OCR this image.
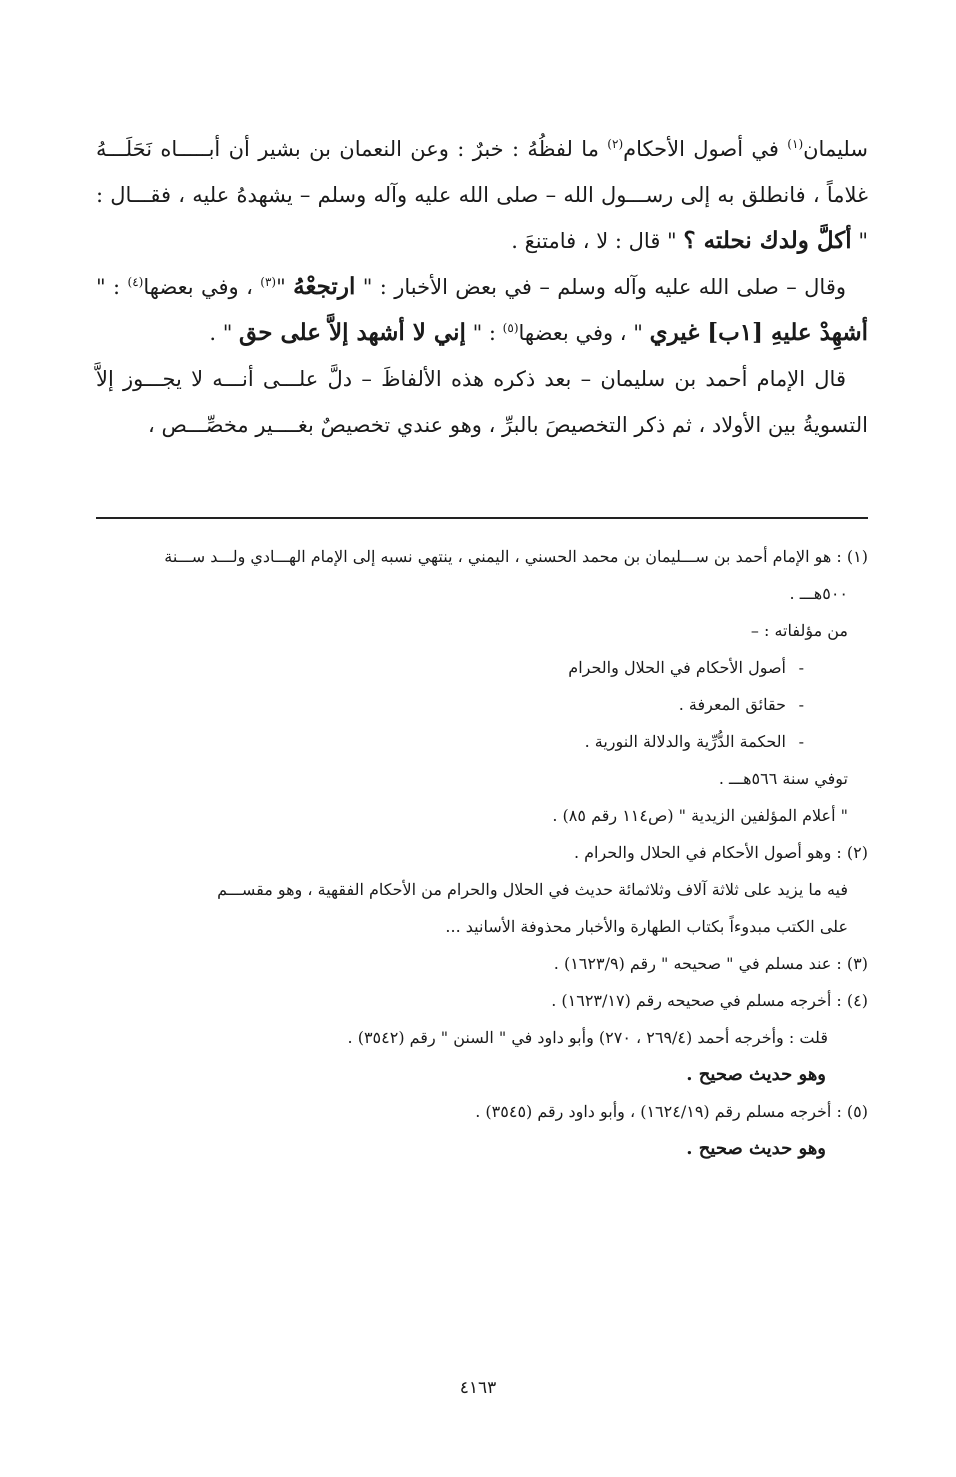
سليمان$^{(١)}$ في أصول الأحكام$^{(٢)}$ ما لفظُهُ : خبرٌ : وعن النعمان بن بشير أن أبـــــاه نَحَلَـــهُ غلاماً ، فانطلق به إلى رســـول الله – صلى الله عليه وآله وسلم – يشهدهُ عليه ، فقـــال : " أكلَّ ولدك نحلته ؟ " قال : لا ، فامتنعَ .

وقال – صلى الله عليه وآله وسلم – في بعض الأخبار : " ارتجعْهُ "$^{(٣)}$ ، وفي بعضها$^{(٤)}$ : " أشهِدْ عليهِ [١ب] غيري " ، وفي بعضها$^{(٥)}$ : " إني لا أشهد إلاَّ على حق " .

قال الإمام أحمد بن سليمان – بعد ذكره هذه الألفاظَ – دلَّ علـــى أنـــه لا يجـــوز إلاَّ التسويةُ بين الأولاد ، ثم ذكر التخصيصَ بالبرِّ ، وهو عندي تخصيصٌ بغــــير مخصِّـــص ،

(١) : هو الإمام أحمد بن ســـليمان بن محمد الحسني ، اليمني ، ينتهي نسبه إلى الإمام الهـــادي ولـــد ســـنة
٥٠٠هـــ .
من مؤلفاته : –
-أصول الأحكام في الحلال والحرام
-حقائق المعرفة .
-الحكمة الدُّرِّية والدلالة النورية .
توفي سنة ٥٦٦هـــ .
" أعلام المؤلفين الزيدية " (ص١١٤ رقم ٨٥) .
(٢) : وهو أصول الأحكام في الحلال والحرام .
فيه ما يزيد على ثلاثة آلاف وثلاثمائة حديث في الحلال والحرام من الأحكام الفقهية ، وهو مقســـم
على الكتب مبدوءاً بكتاب الطهارة والأخبار محذوفة الأسانيد ...
(٣) : عند مسلم في " صحيحه " رقم (١٦٢٣/٩) .
(٤) : أخرجه مسلم في صحيحه رقم (١٦٢٣/١٧) .
قلت : وأخرجه أحمد (٢٦٩/٤ ، ٢٧٠) وأبو داود في " السنن " رقم (٣٥٤٢) .
وهو حديث صحيح .
(٥) : أخرجه مسلم رقم (١٦٢٤/١٩) ، وأبو داود رقم (٣٥٤٥) .
وهو حديث صحيح .
٤١٦٣
